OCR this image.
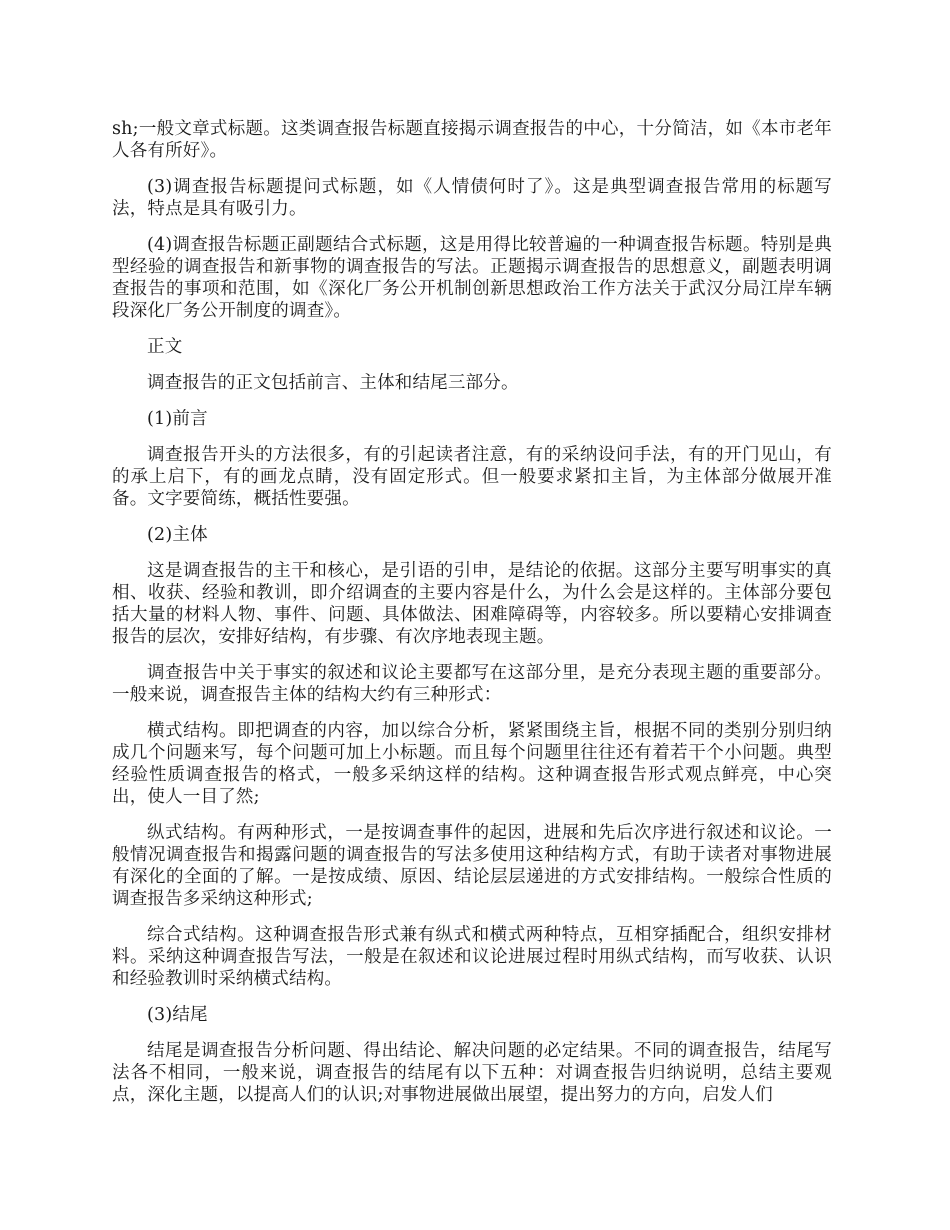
sh;一般文章式标题。这类调查报告标题直接揭示调查报告的中心，十分简洁，如《本市老年人各有所好》。

(3)调查报告标题提问式标题，如《人情债何时了》。这是典型调查报告常用的标题写法，特点是具有吸引力。

(4)调查报告标题正副题结合式标题，这是用得比较普遍的一种调查报告标题。特别是典型经验的调查报告和新事物的调查报告的写法。正题揭示调查报告的思想意义，副题表明调查报告的事项和范围，如《深化厂务公开机制创新思想政治工作方法关于武汉分局江岸车辆段深化厂务公开制度的调查》。

正文

调查报告的正文包括前言、主体和结尾三部分。

(1)前言

调查报告开头的方法很多，有的引起读者注意，有的采纳设问手法，有的开门见山，有的承上启下，有的画龙点睛，没有固定形式。但一般要求紧扣主旨，为主体部分做展开准备。文字要简练，概括性要强。

(2)主体

这是调查报告的主干和核心，是引语的引申，是结论的依据。这部分主要写明事实的真相、收获、经验和教训，即介绍调查的主要内容是什么，为什么会是这样的。主体部分要包括大量的材料人物、事件、问题、具体做法、困难障碍等，内容较多。所以要精心安排调查报告的层次，安排好结构，有步骤、有次序地表现主题。

调查报告中关于事实的叙述和议论主要都写在这部分里，是充分表现主题的重要部分。一般来说，调查报告主体的结构大约有三种形式：

横式结构。即把调查的内容，加以综合分析，紧紧围绕主旨，根据不同的类别分别归纳成几个问题来写，每个问题可加上小标题。而且每个问题里往往还有着若干个小问题。典型经验性质调查报告的格式，一般多采纳这样的结构。这种调查报告形式观点鲜亮，中心突出，使人一目了然;

纵式结构。有两种形式，一是按调查事件的起因，进展和先后次序进行叙述和议论。一般情况调查报告和揭露问题的调查报告的写法多使用这种结构方式，有助于读者对事物进展有深化的全面的了解。一是按成绩、原因、结论层层递进的方式安排结构。一般综合性质的调查报告多采纳这种形式;

综合式结构。这种调查报告形式兼有纵式和横式两种特点，互相穿插配合，组织安排材料。采纳这种调查报告写法，一般是在叙述和议论进展过程时用纵式结构，而写收获、认识和经验教训时采纳横式结构。

(3)结尾

结尾是调查报告分析问题、得出结论、解决问题的必定结果。不同的调查报告，结尾写法各不相同，一般来说，调查报告的结尾有以下五种：对调查报告归纳说明，总结主要观点，深化主题，以提高人们的认识;对事物进展做出展望，提出努力的方向，启发人们
